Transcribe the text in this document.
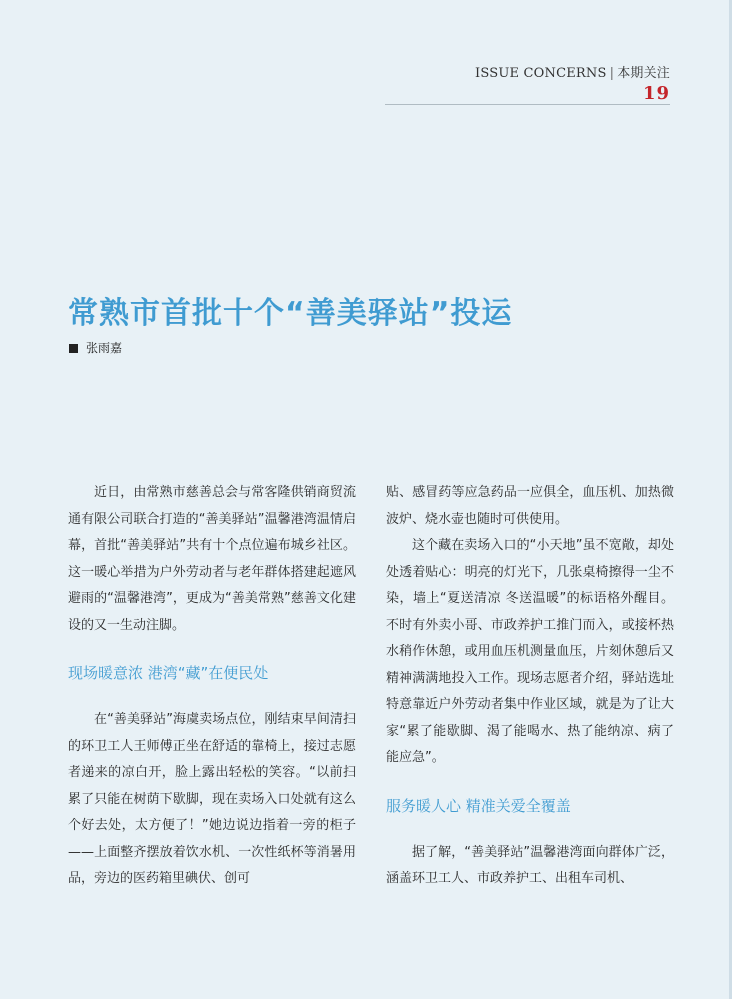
ISSUE CONCERNS | 本期关注
19
常熟市首批十个“善美驿站”投运
张雨嘉

近日，由常熟市慈善总会与常客隆供销商贸流通有限公司联合打造的“善美驿站”温馨港湾温情启幕，首批“善美驿站”共有十个点位遍布城乡社区。这一暖心举措为户外劳动者与老年群体搭建起遮风避雨的“温馨港湾”，更成为“善美常熟”慈善文化建设的又一生动注脚。

现场暖意浓 港湾“藏”在便民处

在“善美驿站”海虞卖场点位，刚结束早间清扫的环卫工人王师傅正坐在舒适的靠椅上，接过志愿者递来的凉白开，脸上露出轻松的笑容。“以前扫累了只能在树荫下歇脚，现在卖场入口处就有这么个好去处，太方便了！”她边说边指着一旁的柜子——上面整齐摆放着饮水机、一次性纸杯等消暑用品，旁边的医药箱里碘伏、创可

贴、感冒药等应急药品一应俱全，血压机、加热微波炉、烧水壶也随时可供使用。

这个藏在卖场入口的“小天地”虽不宽敞，却处处透着贴心：明亮的灯光下，几张桌椅擦得一尘不染，墙上“夏送清凉 冬送温暖”的标语格外醒目。不时有外卖小哥、市政养护工推门而入，或接杯热水稍作休憩，或用血压机测量血压，片刻休憩后又精神满满地投入工作。现场志愿者介绍，驿站选址特意靠近户外劳动者集中作业区域，就是为了让大家“累了能歇脚、渴了能喝水、热了能纳凉、病了能应急”。

服务暖人心 精准关爱全覆盖

据了解，“善美驿站”温馨港湾面向群体广泛，涵盖环卫工人、市政养护工、出租车司机、
